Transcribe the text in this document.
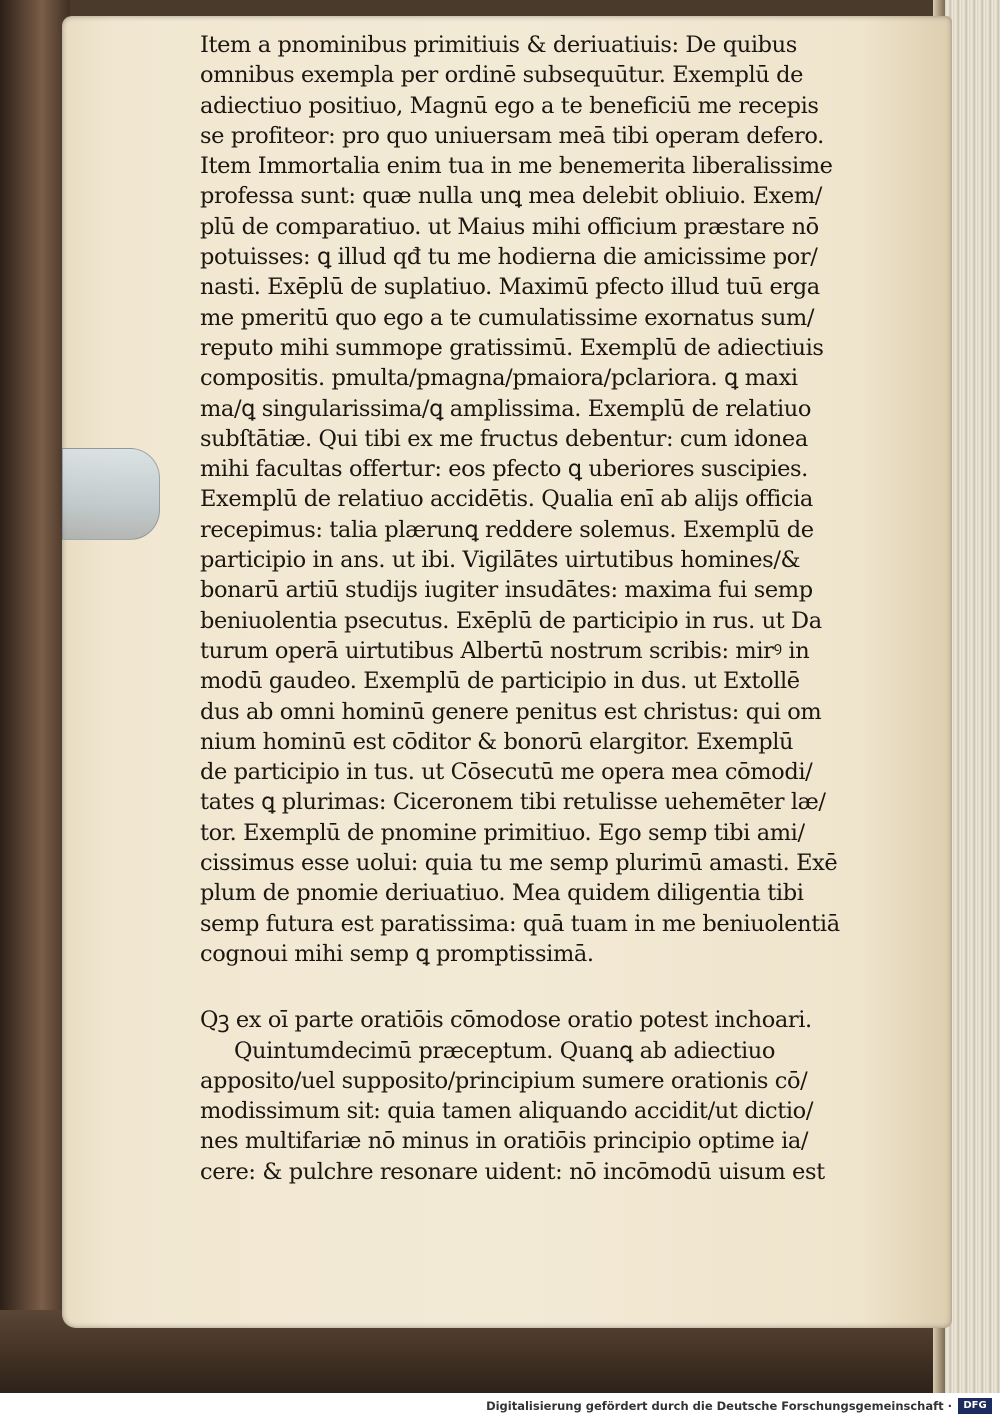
Item a pnominibus primitiuis & deriuatiuis: De quibus
omnibus exempla per ordinē subsequūtur. Exemplū de
adiectiuo positiuo, Magnū ego a te beneficiū me recepis
se profiteor: pro quo uniuersam meā tibi operam defero.
Item Immortalia enim tua in me benemerita liberalissime
professa sunt: quæ nulla unꝗ mea delebit obliuio. Exem/
plū de comparatiuo. ut Maius mihi officium præstare nō
potuisses: ꝗ illud qđ tu me hodierna die amicissime por/
nasti. Exēplū de suplatiuo. Maximū pfecto illud tuū erga
me pmeritū quo ego a te cumulatissime exornatus sum/
reputo mihi summope gratissimū. Exemplū de adiectiuis
compositis. pmulta/pmagna/pmaiora/pclariora. ꝗ maxi
ma/ꝗ singularissima/ꝗ amplissima. Exemplū de relatiuo
subſtātiæ. Qui tibi ex me fructus debentur: cum idonea
mihi facultas offertur: eos pfecto ꝗ uberiores suscipies.
Exemplū de relatiuo accidētis. Qualia enī ab alijs officia
recepimus: talia plærunꝗ reddere solemus. Exemplū de
participio in ans. ut ibi. Vigilātes uirtutibus homines/&
bonarū artiū studijs iugiter insudātes: maxima fui semp
beniuolentia psecutus. Exēplū de participio in rus. ut Da
turum operā uirtutibus Albertū nostrum scribis: mirꝰ in
modū gaudeo. Exemplū de participio in dus. ut Extollē
dus ab omni hominū genere penitus est christus: qui om
nium hominū est cōditor & bonorū elargitor. Exemplū
de participio in tus. ut Cōsecutū me opera mea cōmodi/
tates ꝗ plurimas: Ciceronem tibi retulisse uehemēter læ/
tor. Exemplū de pnomine primitiuo. Ego semp tibi ami/
cissimus esse uolui: quia tu me semp plurimū amasti. Exē
plum de pnomie deriuatiuo. Mea quidem diligentia tibi
semp futura est paratissima: quā tuam in me beniuolentiā
cognoui mihi semp ꝗ promptissimā.
Qꝫ ex oī parte oratiōis cōmodose oratio potest inchoari.
Quintumdecimū præceptum. Quanꝗ ab adiectiuo
apposito/uel supposito/principium sumere orationis cō/
modissimum sit: quia tamen aliquando accidit/ut dictio/
nes multifariæ nō minus in oratiōis principio optime ia/
cere: & pulchre resonare uident: nō incōmodū uisum est
Digitalisierung gefördert durch die Deutsche Forschungsgemeinschaft ·	DFG
